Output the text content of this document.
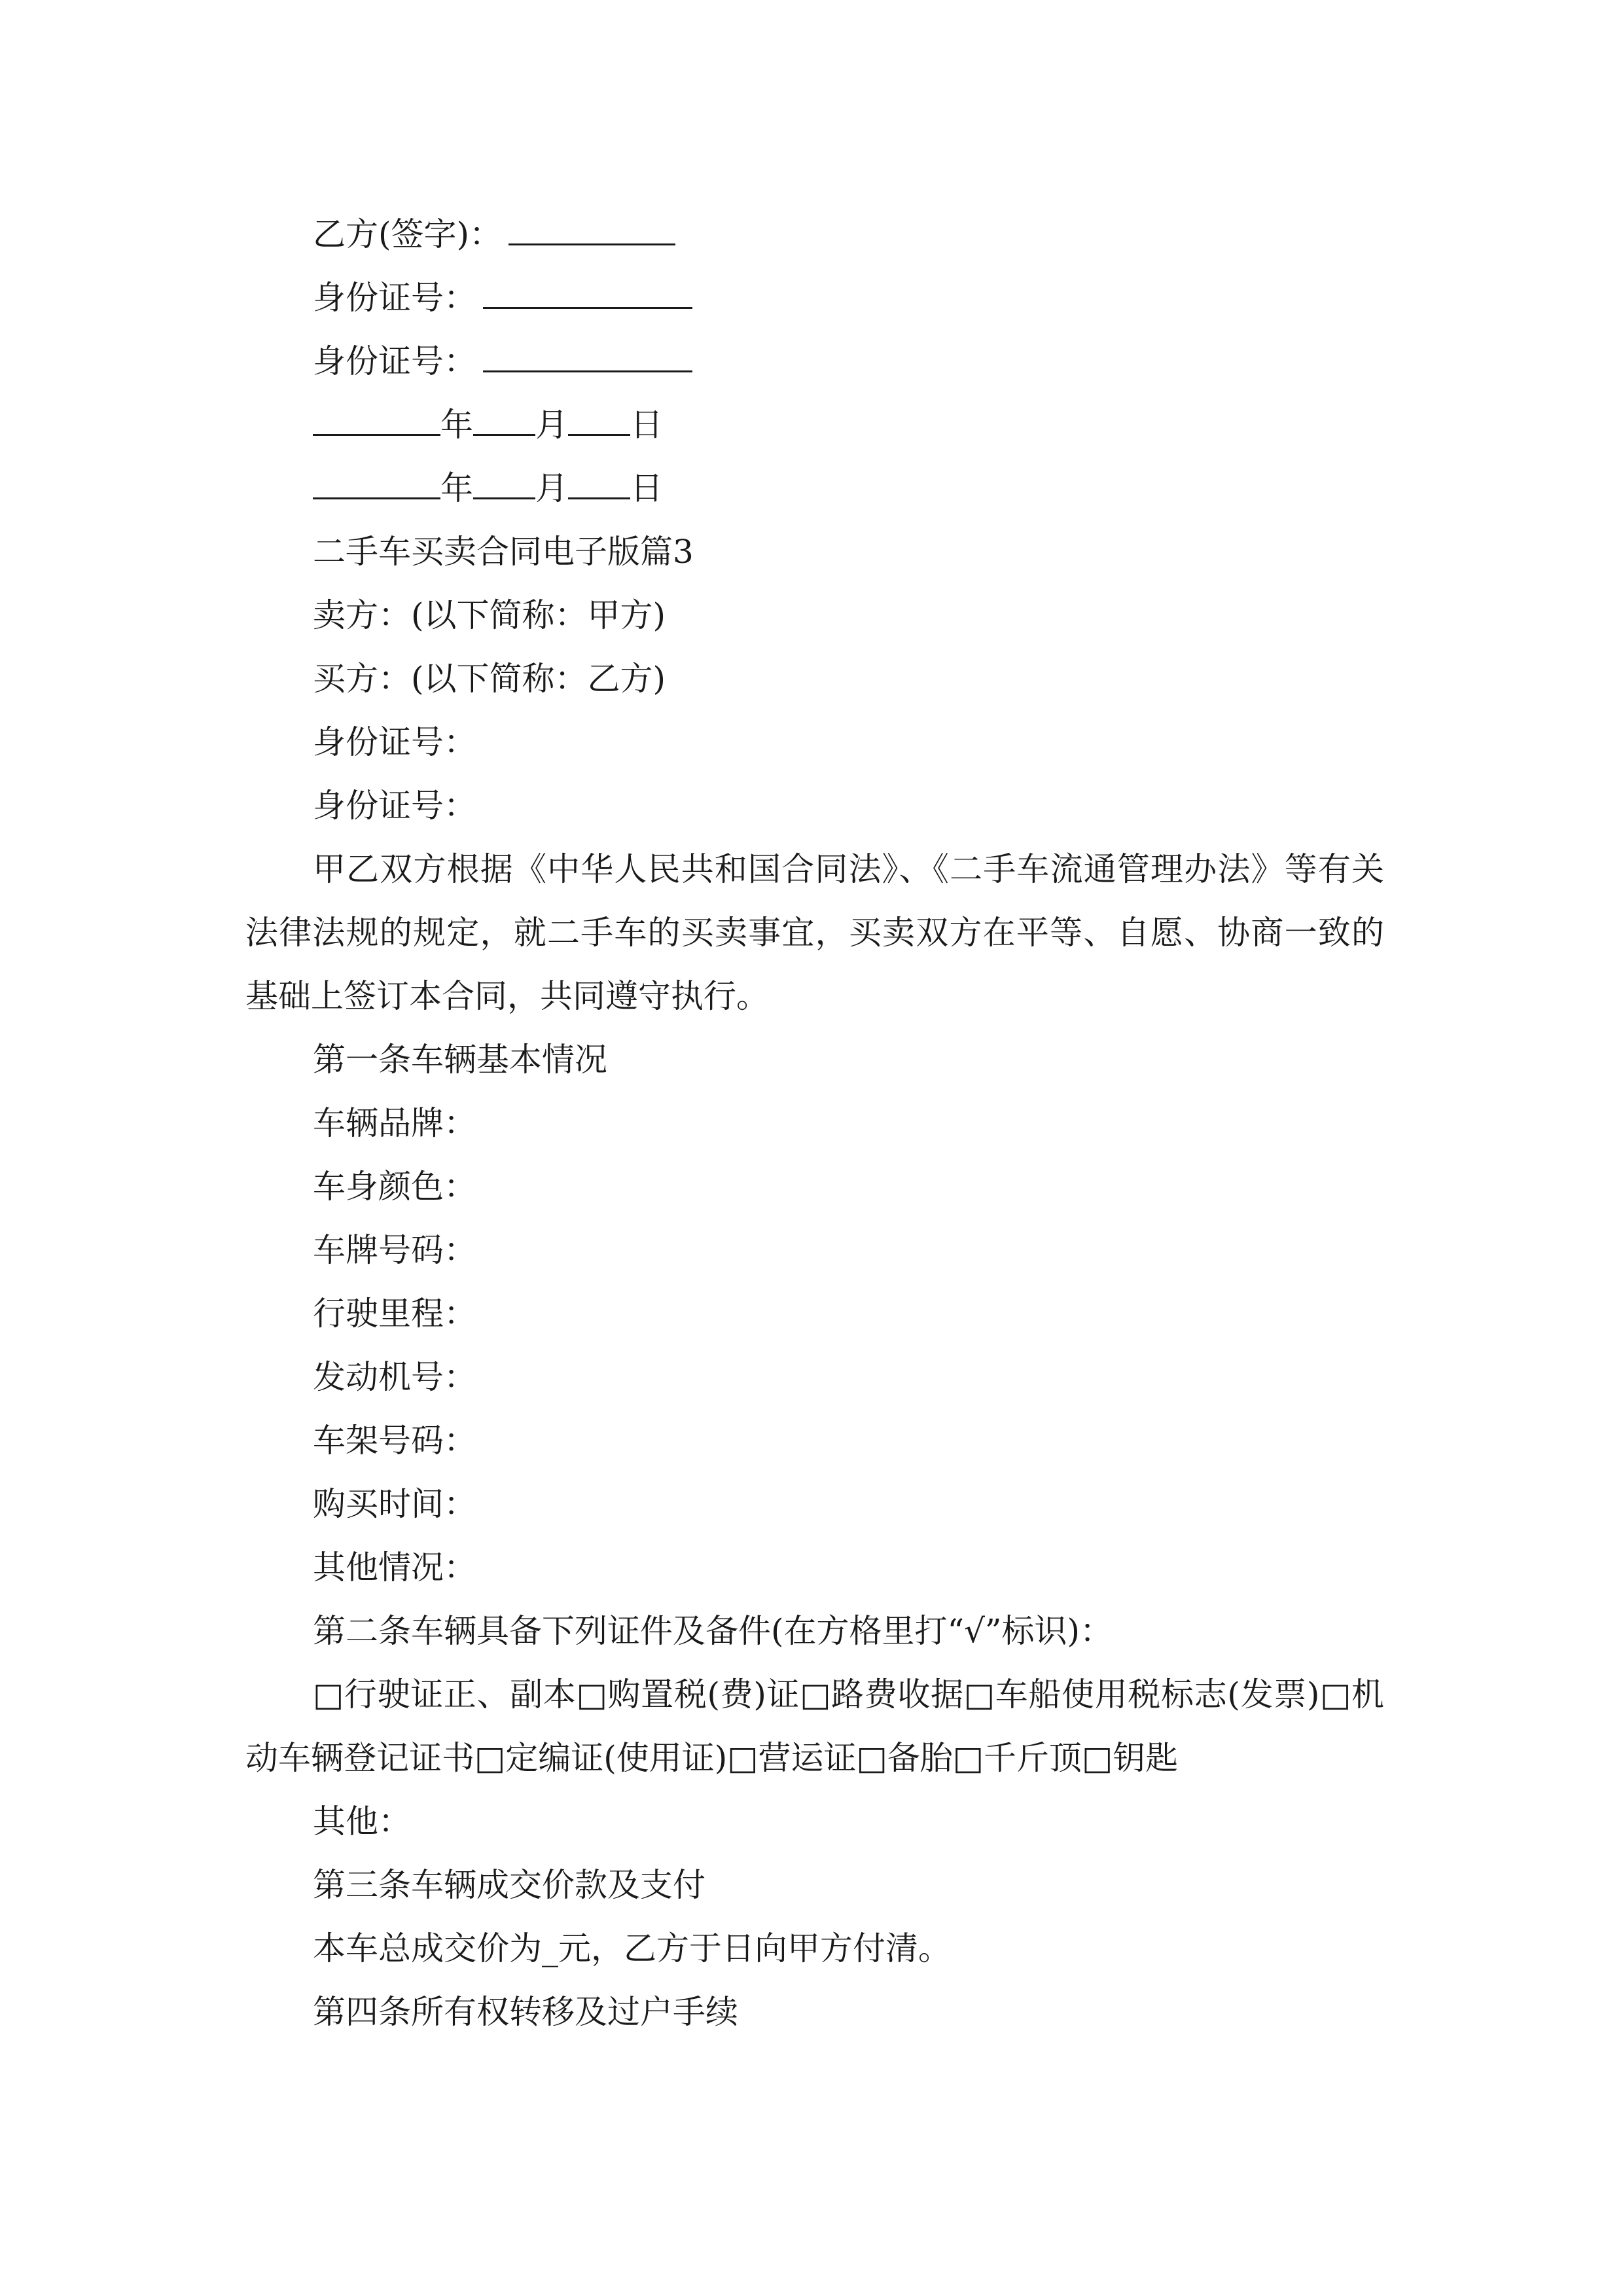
乙方(签字)：
身份证号：
身份证号：
年 月 日
年 月 日
二手车买卖合同电子版篇3
卖方：(以下简称：甲方)
买方：(以下简称：乙方)
身份证号：
身份证号：

甲乙双方根据《中华人民共和国合同法》、《二手车流通管理办法》等有关法律法规的规定，就二手车的买卖事宜，买卖双方在平等、自愿、协商一致的基础上签订本合同，共同遵守执行。

第一条车辆基本情况
车辆品牌：
车身颜色：
车牌号码：
行驶里程：
发动机号：
车架号码：
购买时间：
其他情况：
第二条车辆具备下列证件及备件(在方格里打“√”标识)：

□行驶证正、副本□购置税(费)证□路费收据□车船使用税标志(发票)□机动车辆登记证书□定编证(使用证)□营运证□备胎□千斤顶□钥匙

其他：
第三条车辆成交价款及支付
本车总成交价为_元，乙方于日向甲方付清。
第四条所有权转移及过户手续
